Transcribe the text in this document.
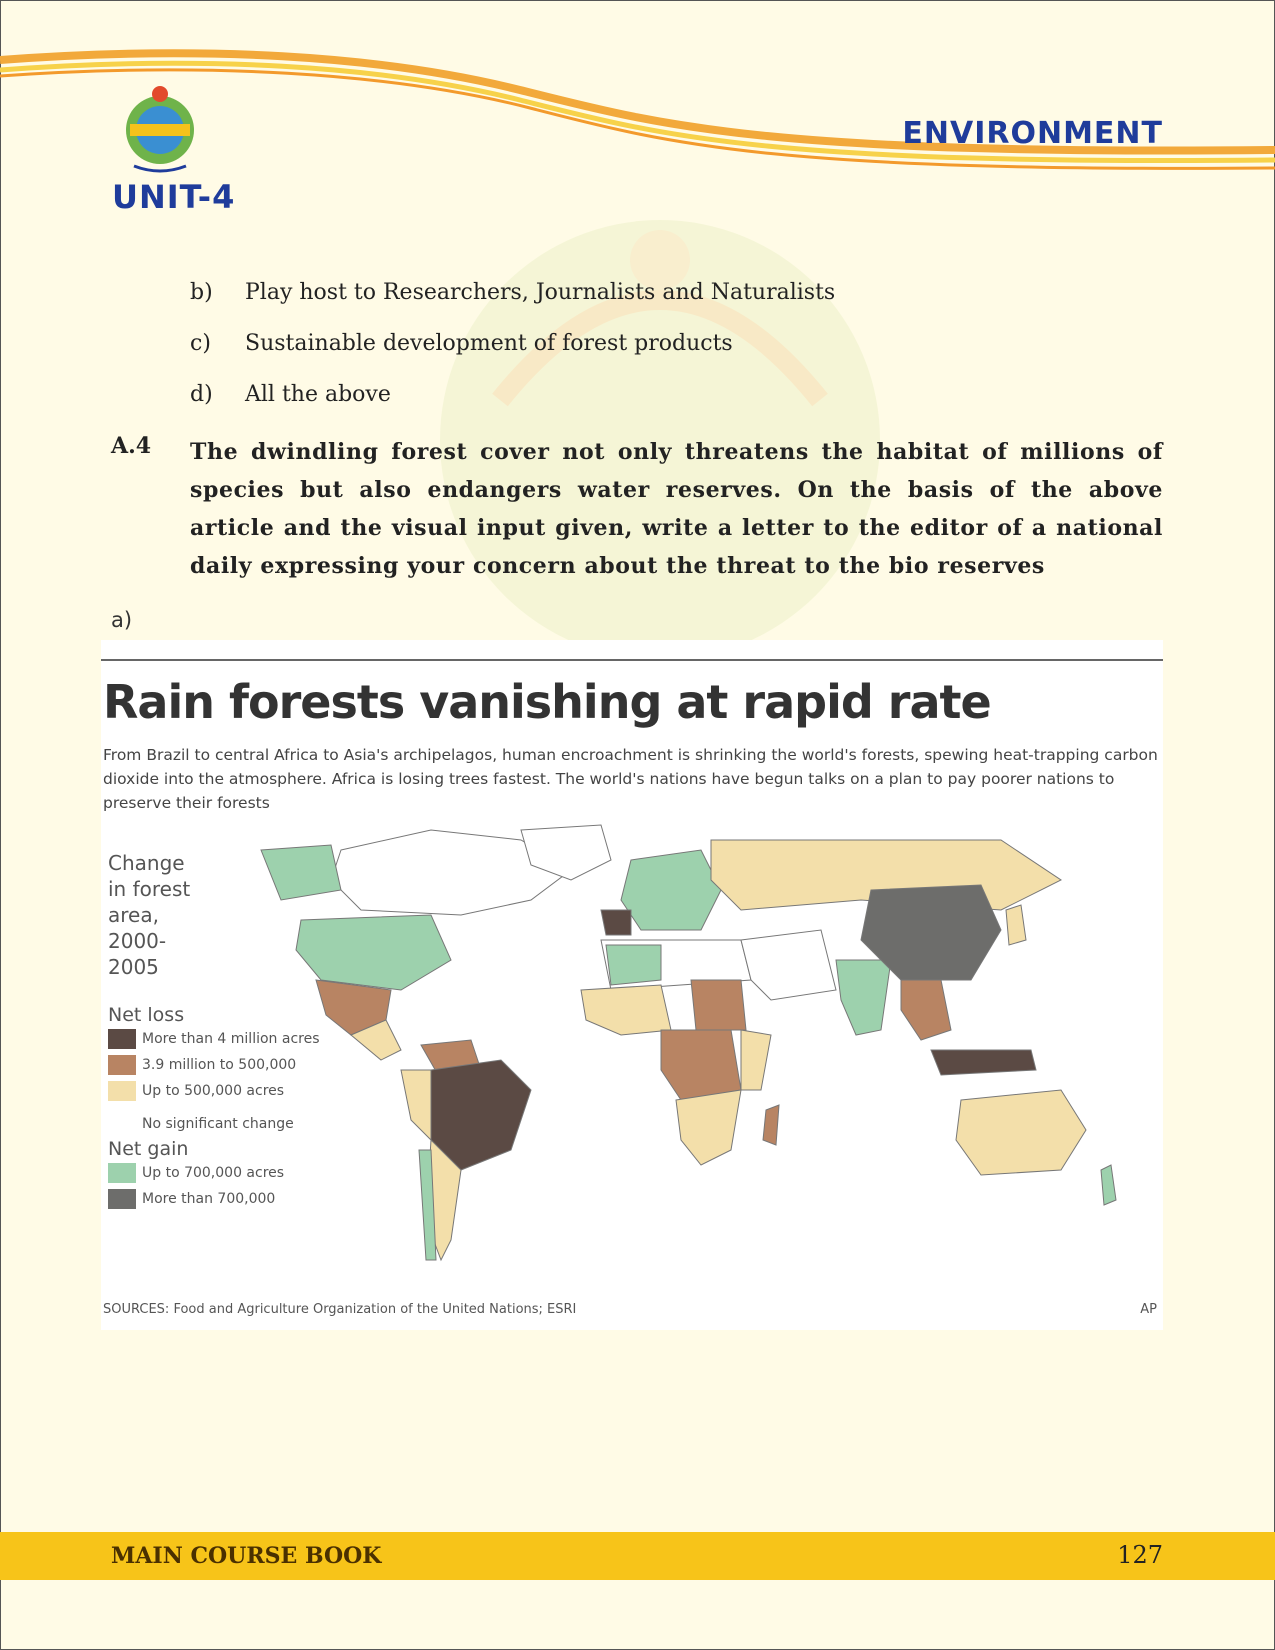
UNIT-4
ENVIRONMENT
b)	Play host to Researchers, Journalists and Naturalists
c)	Sustainable development of forest products
d)	All the above
A.4	The dwindling forest cover not only threatens the habitat of millions of species but also endangers water reserves. On the basis of the above article and the visual input given, write a letter to the editor of a national daily expressing your concern about the threat to the bio reserves
a)
Rain forests vanishing at rapid rate
From Brazil to central Africa to Asia's archipelagos, human encroachment is shrinking the world's forests, spewing heat-trapping carbon dioxide into the atmosphere. Africa is losing trees fastest. The world's nations have begun talks on a plan to pay poorer nations to preserve their forests
Change in forest area, 2000-2005
Net loss
More than 4 million acres
3.9 million to 500,000
Up to 500,000 acres
No significant change
Net gain
Up to 700,000 acres
More than 700,000
SOURCES: Food and Agriculture Organization of the United Nations; ESRI	AP
MAIN COURSE BOOK	127
